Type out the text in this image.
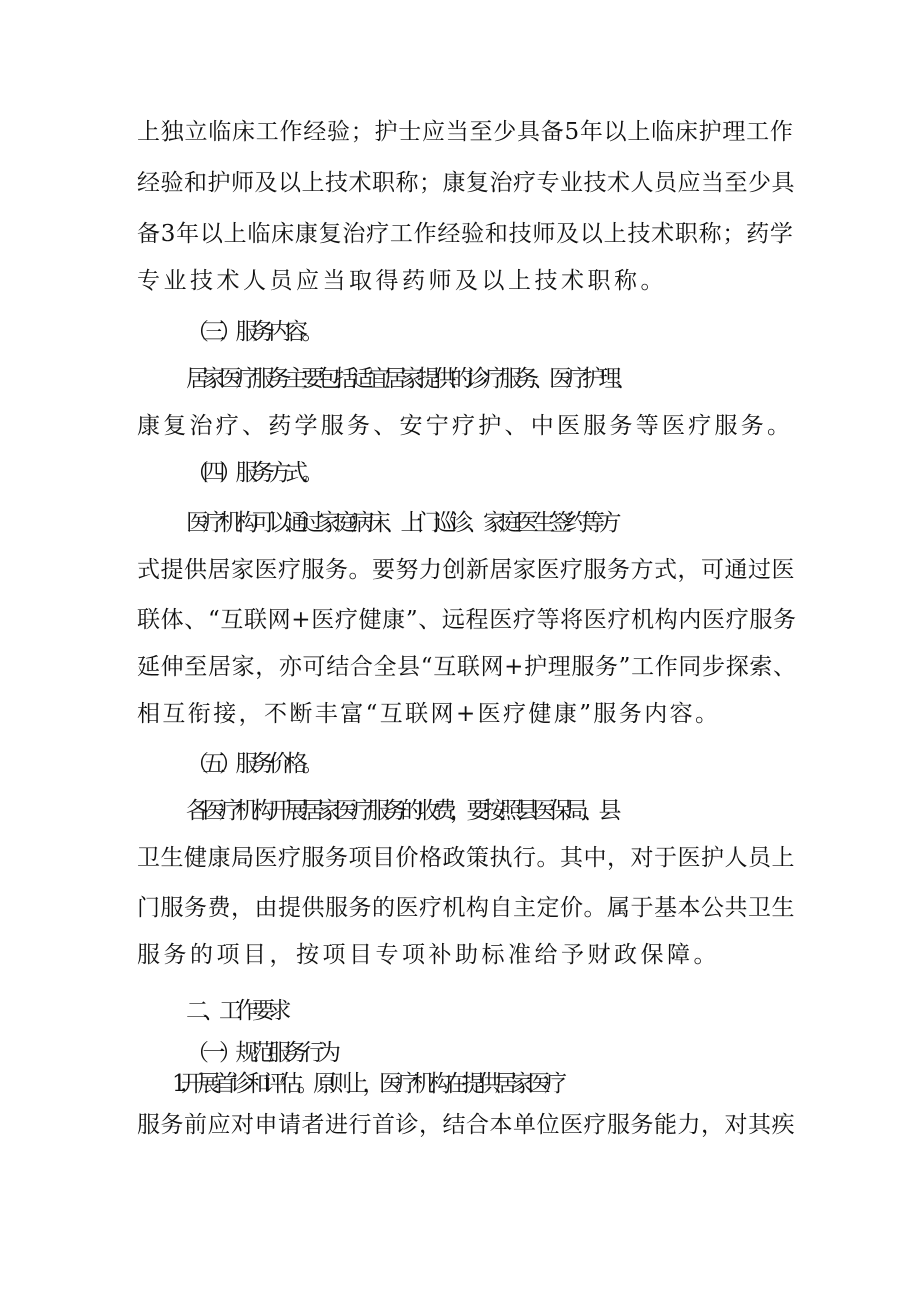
上独立临床工作经验；护士应当至少具备5年以上临床护理工作
经验和护师及以上技术职称；康复治疗专业技术人员应当至少具
备3年以上临床康复治疗工作经验和技师及以上技术职称；药学
专业技术人员应当取得药师及以上技术职称。
（三）服务内容。
居家医疗服务主要包括适宜居家提供的诊疗服务、医疗护理、
康复治疗、药学服务、安宁疗护、中医服务等医疗服务。
（四）服务方式。
医疗机构可以通过家庭病床、上门巡诊、家庭医生签约等方
式提供居家医疗服务。要努力创新居家医疗服务方式，可通过医
联体、“互联网+医疗健康”、远程医疗等将医疗机构内医疗服务
延伸至居家，亦可结合全县“互联网+护理服务”工作同步探索、
相互衔接，不断丰富“互联网+医疗健康”服务内容。
（五）服务价格。
各医疗机构开展居家医疗服务的收费，要按照县医保局、县
卫生健康局医疗服务项目价格政策执行。其中，对于医护人员上
门服务费，由提供服务的医疗机构自主定价。属于基本公共卫生
服务的项目，按项目专项补助标准给予财政保障。
二、工作要求
（一）规范服务行为
1.开展首诊和评估。原则上，医疗机构在提供居家医疗
服务前应对申请者进行首诊，结合本单位医疗服务能力，对其疾
